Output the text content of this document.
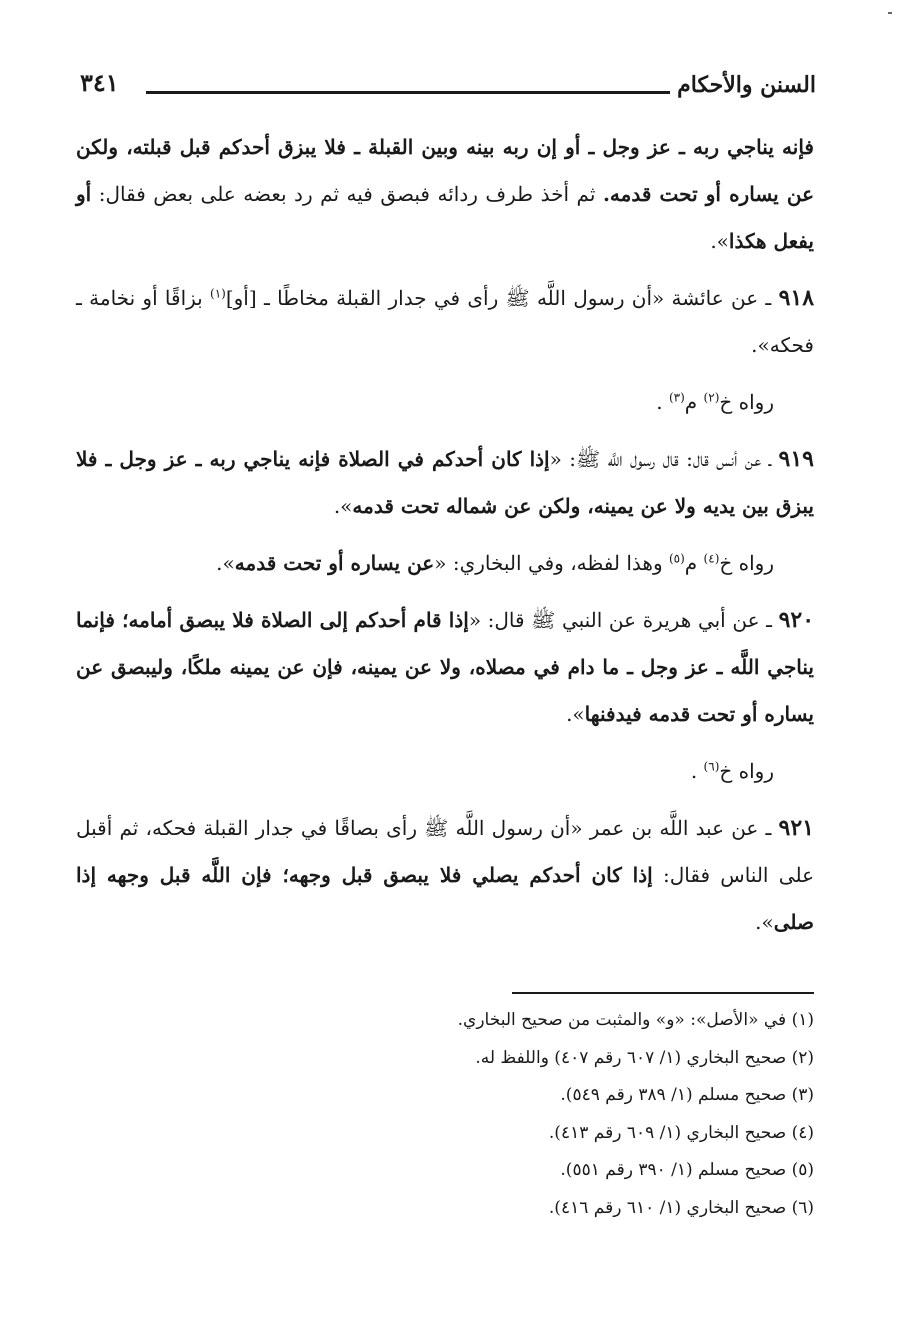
٣٤١	السنن والأحكام

فإنه يناجي ربه ـ عز وجل ـ أو إن ربه بينه وبين القبلة ـ فلا يبزق أحدكم قبل قبلته، ولكن عن يساره أو تحت قدمه. ثم أخذ طرف ردائه فبصق فيه ثم رد بعضه على بعض فقال: أو يفعل هكذا».

٩١٨ ـ عن عائشة «أن رسول اللَّه ﷺ رأى في جدار القبلة مخاطًا ـ [أو]$^{(١)}$ بزاقًا أو نخامة ـ فحكه».

رواه خ$^{(٢)}$ م$^{(٣)}$ .

٩١٩ ـ عن أنس قال: قال رسول اللَّه ﷺ: «إذا كان أحدكم في الصلاة فإنه يناجي ربه ـ عز وجل ـ فلا يبزق بين يديه ولا عن يمينه، ولكن عن شماله تحت قدمه».

رواه خ$^{(٤)}$ م$^{(٥)}$ وهذا لفظه، وفي البخاري: «عن يساره أو تحت قدمه».

٩٢٠ ـ عن أبي هريرة عن النبي ﷺ قال: «إذا قام أحدكم إلى الصلاة فلا يبصق أمامه؛ فإنما يناجي اللَّه ـ عز وجل ـ ما دام في مصلاه، ولا عن يمينه، فإن عن يمينه ملكًا، وليبصق عن يساره أو تحت قدمه فيدفنها».

رواه خ$^{(٦)}$ .

٩٢١ ـ عن عبد اللَّه بن عمر «أن رسول اللَّه ﷺ رأى بصاقًا في جدار القبلة فحكه، ثم أقبل على الناس فقال: إذا كان أحدكم يصلي فلا يبصق قبل وجهه؛ فإن اللَّه قبل وجهه إذا صلى».

(١) في «الأصل»: «و» والمثبت من صحيح البخاري.
(٢) صحيح البخاري (١/ ٦٠٧ رقم ٤٠٧) واللفظ له.
(٣) صحيح مسلم (١/ ٣٨٩ رقم ٥٤٩).
(٤) صحيح البخاري (١/ ٦٠٩ رقم ٤١٣).
(٥) صحيح مسلم (١/ ٣٩٠ رقم ٥٥١).
(٦) صحيح البخاري (١/ ٦١٠ رقم ٤١٦).
